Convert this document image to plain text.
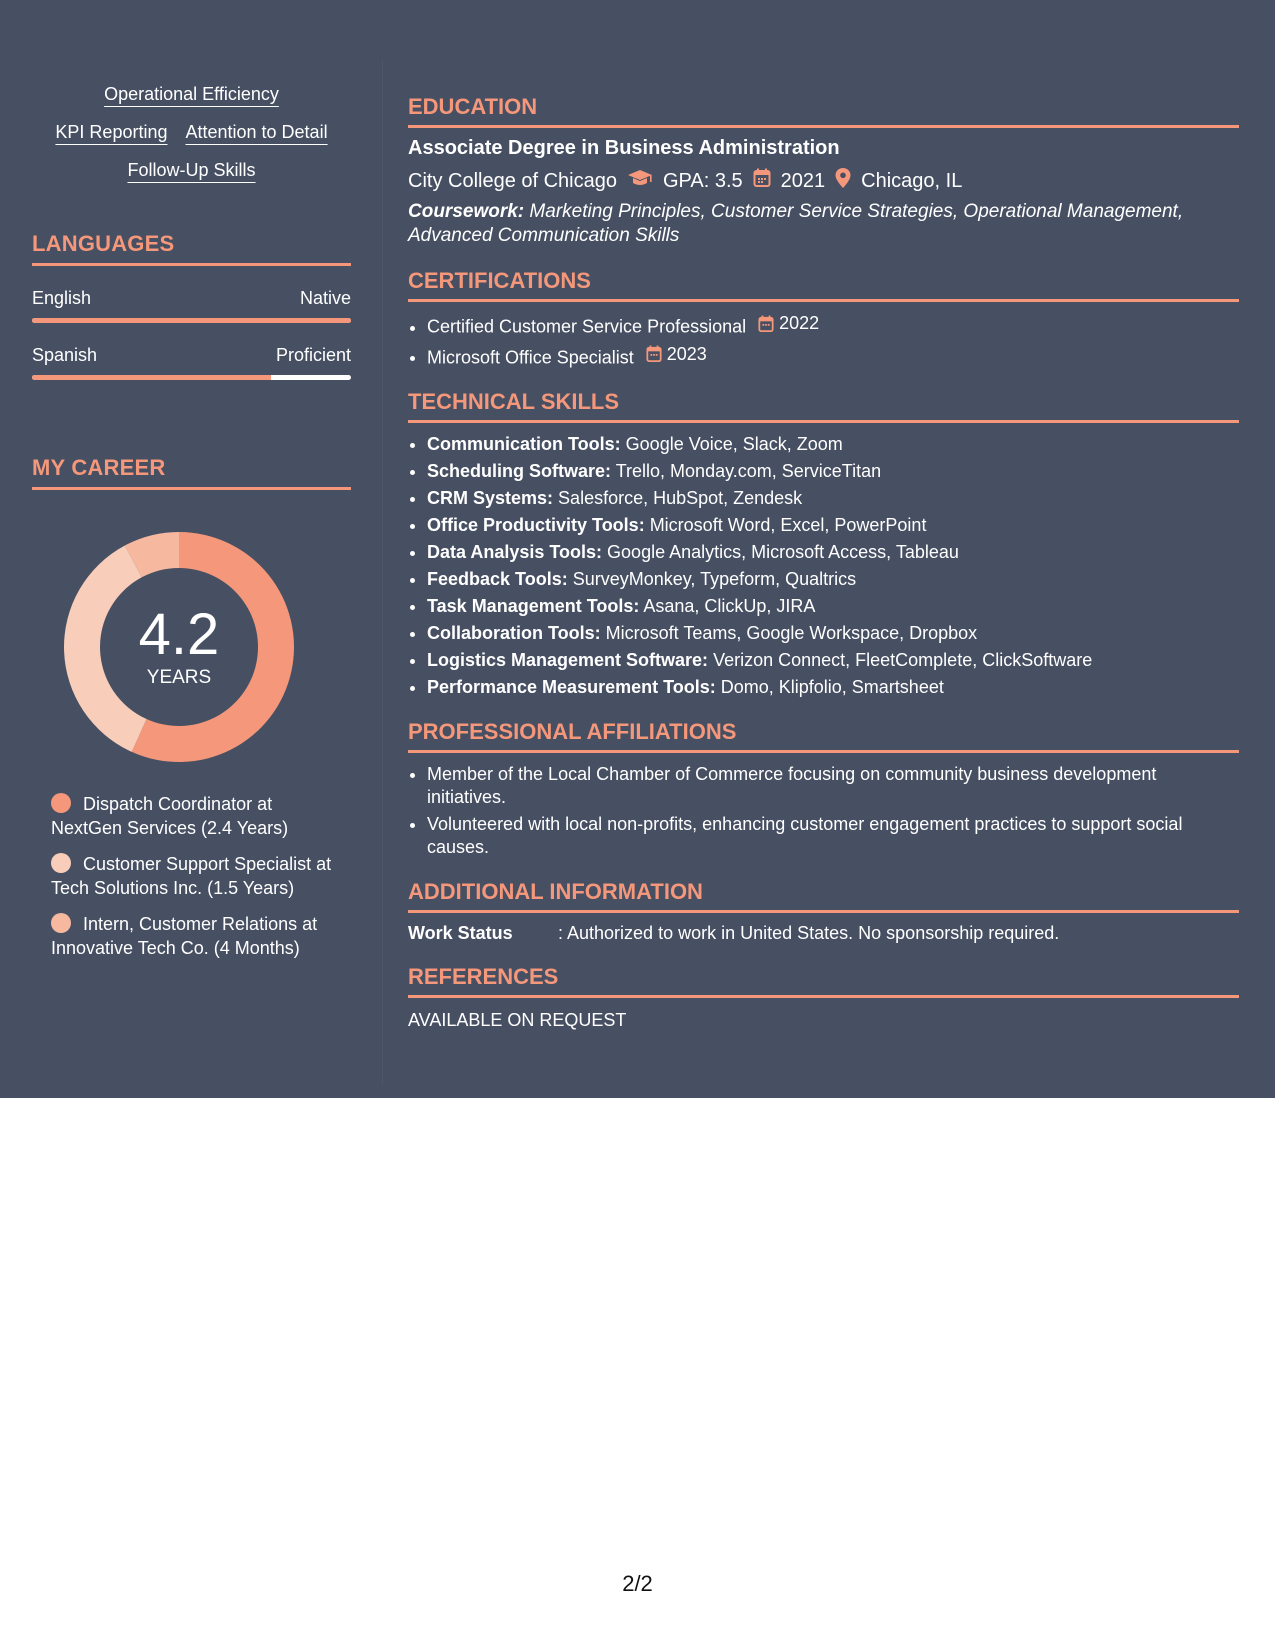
Operational Efficiency
KPI Reporting Attention to Detail
Follow-Up Skills
LANGUAGES
English	Native
Spanish	Proficient
MY CAREER
4.2
YEARS
Dispatch Coordinator at NextGen Services (2.4 Years)
Customer Support Specialist at Tech Solutions Inc. (1.5 Years)
Intern, Customer Relations at Innovative Tech Co. (4 Months)
EDUCATION
Associate Degree in Business Administration
City College of Chicago GPA: 3.5 2021 Chicago, IL
Coursework: Marketing Principles, Customer Service Strategies, Operational Management, Advanced Communication Skills
CERTIFICATIONS
• Certified Customer Service Professional 2022
• Microsoft Office Specialist 2023
TECHNICAL SKILLS
• Communication Tools: Google Voice, Slack, Zoom
• Scheduling Software: Trello, Monday.com, ServiceTitan
• CRM Systems: Salesforce, HubSpot, Zendesk
• Office Productivity Tools: Microsoft Word, Excel, PowerPoint
• Data Analysis Tools: Google Analytics, Microsoft Access, Tableau
• Feedback Tools: SurveyMonkey, Typeform, Qualtrics
• Task Management Tools: Asana, ClickUp, JIRA
• Collaboration Tools: Microsoft Teams, Google Workspace, Dropbox
• Logistics Management Software: Verizon Connect, FleetComplete, ClickSoftware
• Performance Measurement Tools: Domo, Klipfolio, Smartsheet
PROFESSIONAL AFFILIATIONS
• Member of the Local Chamber of Commerce focusing on community business development initiatives.
• Volunteered with local non-profits, enhancing customer engagement practices to support social causes.
ADDITIONAL INFORMATION
Work Status	: Authorized to work in United States. No sponsorship required.
REFERENCES
AVAILABLE ON REQUEST
2/2
